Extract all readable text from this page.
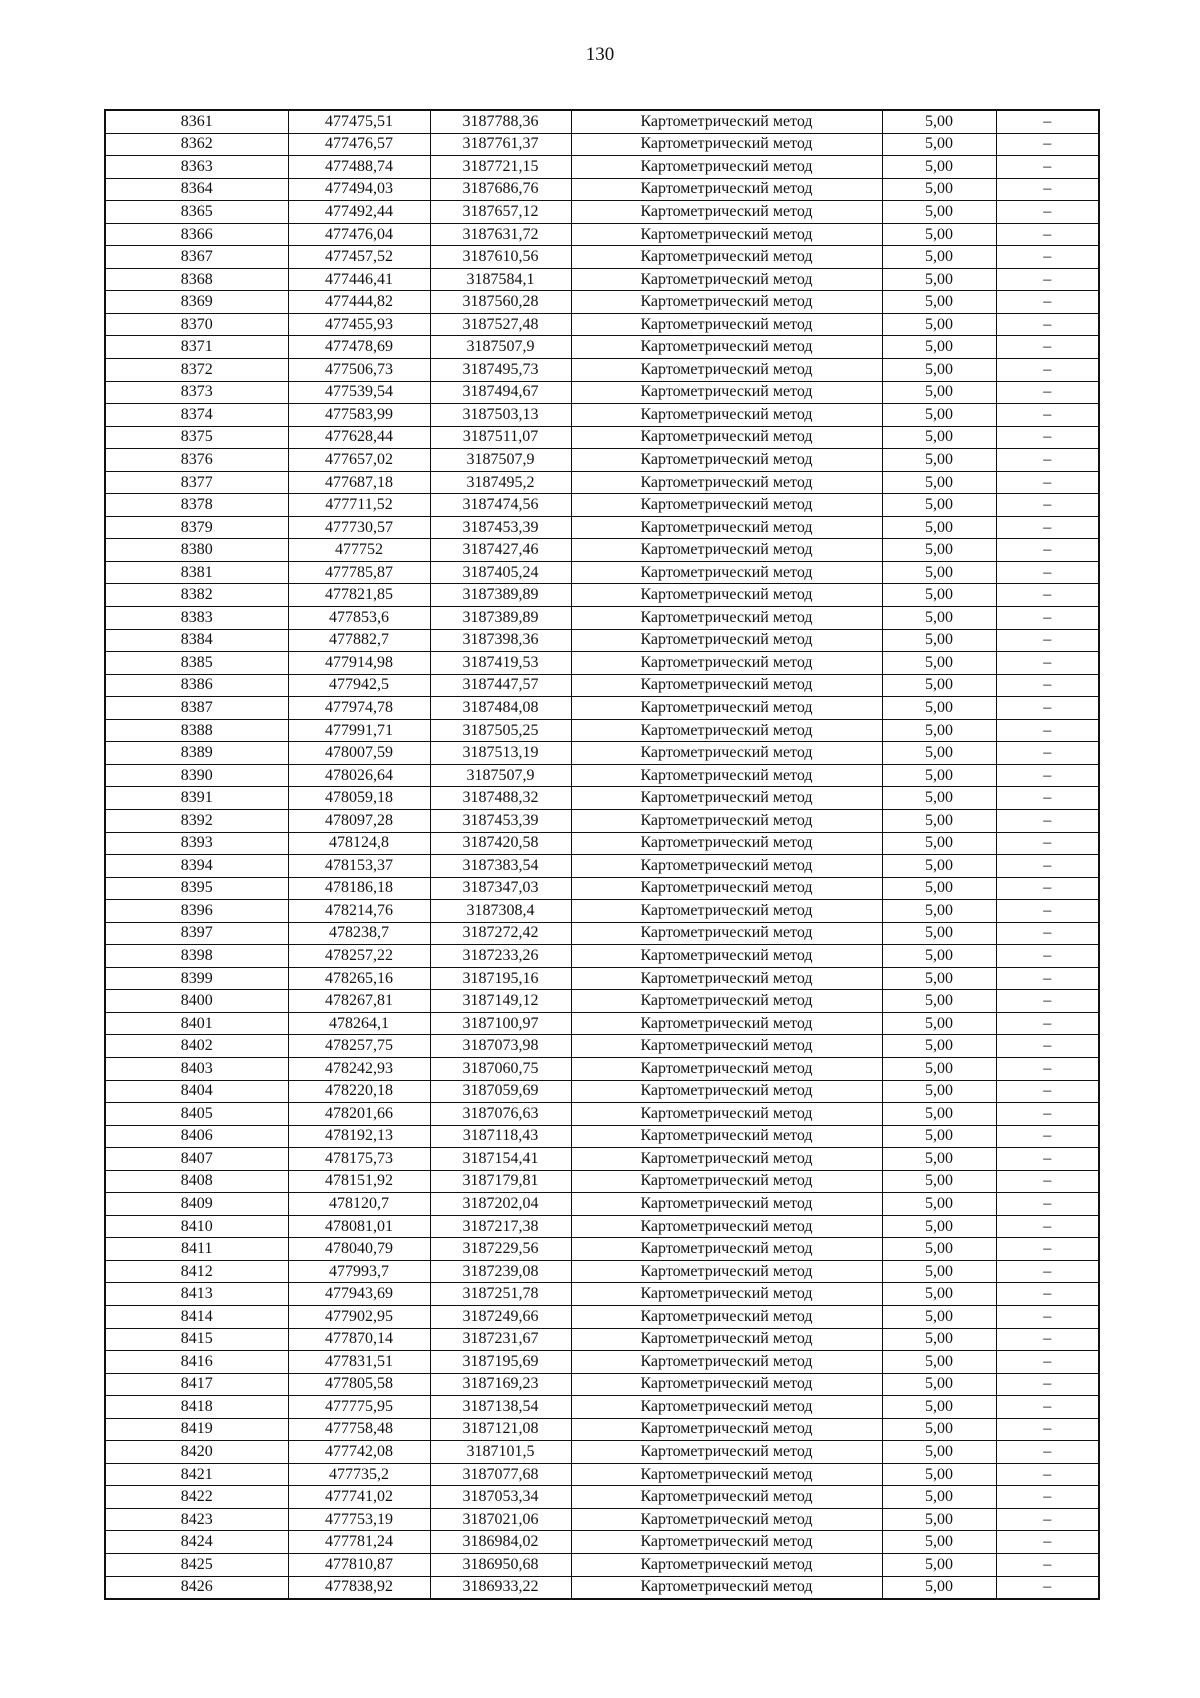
130
8361	477475,51	3187788,36	Картометрический метод	5,00	–
8362	477476,57	3187761,37	Картометрический метод	5,00	–
8363	477488,74	3187721,15	Картометрический метод	5,00	–
8364	477494,03	3187686,76	Картометрический метод	5,00	–
8365	477492,44	3187657,12	Картометрический метод	5,00	–
8366	477476,04	3187631,72	Картометрический метод	5,00	–
8367	477457,52	3187610,56	Картометрический метод	5,00	–
8368	477446,41	3187584,1	Картометрический метод	5,00	–
8369	477444,82	3187560,28	Картометрический метод	5,00	–
8370	477455,93	3187527,48	Картометрический метод	5,00	–
8371	477478,69	3187507,9	Картометрический метод	5,00	–
8372	477506,73	3187495,73	Картометрический метод	5,00	–
8373	477539,54	3187494,67	Картометрический метод	5,00	–
8374	477583,99	3187503,13	Картометрический метод	5,00	–
8375	477628,44	3187511,07	Картометрический метод	5,00	–
8376	477657,02	3187507,9	Картометрический метод	5,00	–
8377	477687,18	3187495,2	Картометрический метод	5,00	–
8378	477711,52	3187474,56	Картометрический метод	5,00	–
8379	477730,57	3187453,39	Картометрический метод	5,00	–
8380	477752	3187427,46	Картометрический метод	5,00	–
8381	477785,87	3187405,24	Картометрический метод	5,00	–
8382	477821,85	3187389,89	Картометрический метод	5,00	–
8383	477853,6	3187389,89	Картометрический метод	5,00	–
8384	477882,7	3187398,36	Картометрический метод	5,00	–
8385	477914,98	3187419,53	Картометрический метод	5,00	–
8386	477942,5	3187447,57	Картометрический метод	5,00	–
8387	477974,78	3187484,08	Картометрический метод	5,00	–
8388	477991,71	3187505,25	Картометрический метод	5,00	–
8389	478007,59	3187513,19	Картометрический метод	5,00	–
8390	478026,64	3187507,9	Картометрический метод	5,00	–
8391	478059,18	3187488,32	Картометрический метод	5,00	–
8392	478097,28	3187453,39	Картометрический метод	5,00	–
8393	478124,8	3187420,58	Картометрический метод	5,00	–
8394	478153,37	3187383,54	Картометрический метод	5,00	–
8395	478186,18	3187347,03	Картометрический метод	5,00	–
8396	478214,76	3187308,4	Картометрический метод	5,00	–
8397	478238,7	3187272,42	Картометрический метод	5,00	–
8398	478257,22	3187233,26	Картометрический метод	5,00	–
8399	478265,16	3187195,16	Картометрический метод	5,00	–
8400	478267,81	3187149,12	Картометрический метод	5,00	–
8401	478264,1	3187100,97	Картометрический метод	5,00	–
8402	478257,75	3187073,98	Картометрический метод	5,00	–
8403	478242,93	3187060,75	Картометрический метод	5,00	–
8404	478220,18	3187059,69	Картометрический метод	5,00	–
8405	478201,66	3187076,63	Картометрический метод	5,00	–
8406	478192,13	3187118,43	Картометрический метод	5,00	–
8407	478175,73	3187154,41	Картометрический метод	5,00	–
8408	478151,92	3187179,81	Картометрический метод	5,00	–
8409	478120,7	3187202,04	Картометрический метод	5,00	–
8410	478081,01	3187217,38	Картометрический метод	5,00	–
8411	478040,79	3187229,56	Картометрический метод	5,00	–
8412	477993,7	3187239,08	Картометрический метод	5,00	–
8413	477943,69	3187251,78	Картометрический метод	5,00	–
8414	477902,95	3187249,66	Картометрический метод	5,00	–
8415	477870,14	3187231,67	Картометрический метод	5,00	–
8416	477831,51	3187195,69	Картометрический метод	5,00	–
8417	477805,58	3187169,23	Картометрический метод	5,00	–
8418	477775,95	3187138,54	Картометрический метод	5,00	–
8419	477758,48	3187121,08	Картометрический метод	5,00	–
8420	477742,08	3187101,5	Картометрический метод	5,00	–
8421	477735,2	3187077,68	Картометрический метод	5,00	–
8422	477741,02	3187053,34	Картометрический метод	5,00	–
8423	477753,19	3187021,06	Картометрический метод	5,00	–
8424	477781,24	3186984,02	Картометрический метод	5,00	–
8425	477810,87	3186950,68	Картометрический метод	5,00	–
8426	477838,92	3186933,22	Картометрический метод	5,00	–
